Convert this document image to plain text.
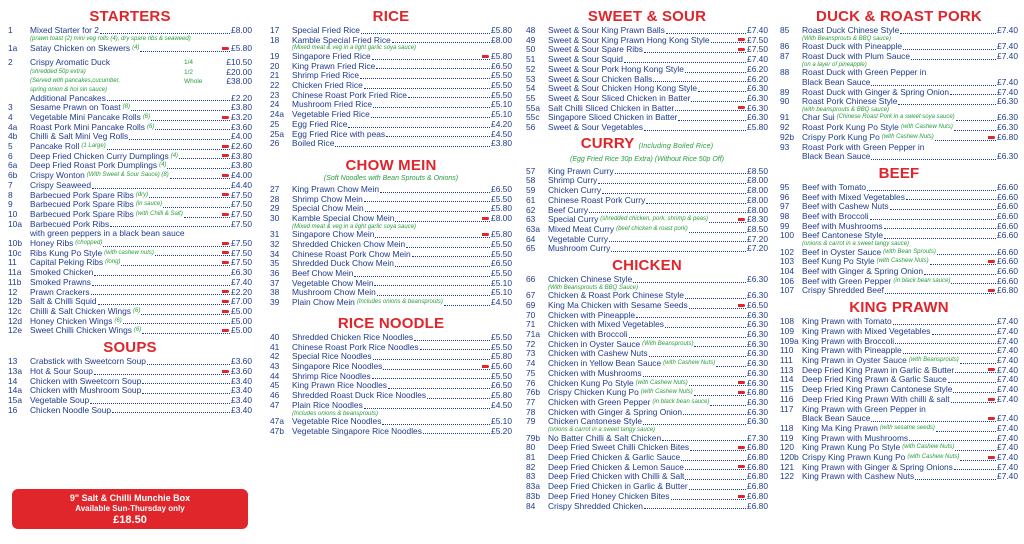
STARTERS
1	Mixed Starter for 2	£8.00
(prawn toast (2) mini veg rolls (4), dry spare ribs & seaweed)
1a	Satay Chicken on Skewers (4)	£5.80
2	Crispy Aromatic Duck	1/4	£10.50
(shredded 50p extra)	1/2	£20.00
(Served with pancakes,cucumber,	Whole	£38.00
spring onion & hoi sin sauce)
Additional Pancakes	£2.20
3	Sesame Prawn on Toast (8)	£3.80
4	Vegetable Mini Pancake Rolls (6)	£3.20
4a	Roast Pork Mini Pancake Rolls (6)	£3.60
4b	Chilli & Salt Mini Veg Rolls	£4.00
5	Pancake Roll (1 Large)	£2.60
6	Deep Fried Chicken Curry Dumplings (4)	£3.80
6a	Deep Fried Roast Pork Dumplings (4)	£3.80
6b	Crispy Wonton (With Sweet & Sour Sauce) (8)	£4.00
7	Crispy Seaweed	£4.40
8	Barbecued Pork Spare Ribs (dry)	£7.50
9	Barbecued Pork Spare Ribs (in sauce)	£7.50
10	Barbecued Pork Spare Ribs (with Chilli & Salt)	£7.50
10a Barbecued Pork Ribs	£7.50
with green peppers in a black bean sauce
10b Honey Ribs (chopped)	£7.50
10c	Ribs Kung Po Style (with cashew nuts)	£7.50
11	Capital Peking Ribs (long)	£7.50
11a	Smoked Chicken	£6.30
11b	Smoked Prawns	£7.40
12	Prawn Crackers	£2.20
12b Salt & Chilli Squid	£7.00
12c	Chilli & Salt Chicken Wings (6)	£5.00
12d Honey Chicken Wings (6)	£5.00
12e Sweet Chilli Chicken Wings (6)	£5.00
SOUPS
13	Crabstick with Sweetcorn Soup	£3.60
13a Hot & Sour Soup	£3.60
14	Chicken with Sweetcorn Soup	£3.40
14a Chicken with Mushroom Soup	£3.40
15a Vegetable Soup	£3.40
16	Chicken Noodle Soup	£3.40
9" Salt & Chilli Munchie Box
Available Sun-Thursday only
£18.50
RICE
17	Special Fried Rice	£5.80
18	Kamble Special Fried Rice	£8.00
(Mixed meat & veg in a light garlic soya sauce)
19	Singapore Fried Rice	£5.80
20	King Prawn Fried Rice	£6.50
21	Shrimp Fried Rice	£5.50
22	Chicken Fried Rice	£5.50
23	Chinese Roast Pork Fried Rice	£5.50
24	Mushroom Fried Rice	£5.10
24a Vegetable Fried Rice	£5.10
25	Egg Fried Rice	£4.20
25a Egg Fried Rice with peas	£4.50
26	Boiled Rice	£3.80
CHOW MEIN
(Soft Noodles with Bean Sprouts & Onions)
27	King Prawn Chow Mein	£6.50
28	Shrimp Chow Mein	£5.50
29	Special Chow Mein	£5.80
30	Kamble Special Chow Mein	£8.00
(Mixed meat & veg in a light garlic soya sauce)
31	Singapore Chow Mein	£5.80
32	Shredded Chicken Chow Mein	£5.50
34	Chinese Roast Pork Chow Mein	£5.50
35	Shredded Duck Chow Mein	£6.50
36	Beef Chow Mein	£5.50
37	Vegetable Chow Mein	£5.10
38	Mushroom Chow Mein	£5.10
39	Plain Chow Mein (Includes onions & beansprouts)	£4.50
RICE NOODLE
40	Shredded Chicken Rice Noodles	£5.50
41	Chinese Roast Pork Rice Noodles	£5.50
42	Special Rice Noodles	£5.80
43	Singapore Rice Noodles	£5.60
44	Shrimp Rice Noodles	£5.50
45	King Prawn Rice Noodles	£6.50
46	Shredded Roast Duck Rice Noodles	£5.80
47	Plain Rice Noodles	£4.50
(Includes onions & beansprouts)
47a Vegetable Rice Noodles	£5.10
47b Vegetable Singapore Rice Noodles	£5.20
SWEET & SOUR
48	Sweet & Sour King Prawn Balls	£7.40
49	Sweet & Sour King Prawn Hong Kong Style	£7.50
50	Sweet & Sour Spare Ribs	£7.50
51	Sweet & Sour Squid	£7.40
52	Sweet & Sour Pork Hong Kong Style	£6.20
53	Sweet & Sour Chicken Balls	£6.20
54	Sweet & Sour Chicken Hong Kong Style	£6.30
55	Sweet & Sour Sliced Chicken in Batter	£6.30
55a Salt Chilli Sliced Chicken in Batter	£6.30
55c	Singapore Sliced Chicken in Batter	£6.30
56	Sweet & Sour Vegetables	£5.80
CURRY (Including Boiled Rice)
(Egg Fried Rice 30p Extra) (Without Rice 50p Off)
57	King Prawn Curry	£8.50
58	Shrimp Curry	£8.00
59	Chicken Curry	£8.00
61	Chinese Roast Pork Curry	£8.00
62	Beef Curry	£8.00
63	Special Curry (shredded chicken, pork, shrimp & peas)	£8.30
63a Mixed Meat Curry (beef chicken & roast pork)	£8.50
64	Vegetable Curry	£7.20
65	Mushroom Curry	£7.20
CHICKEN
66	Chicken Chinese Style	£6.30
(With Beansprouts & BBQ Sauce)
67	Chicken & Roast Pork Chinese Style	£6.30
69	King Ma Chicken with Sesame Seeds	£6.50
70	Chicken with Pineapple	£6.30
71	Chicken with Mixed Vegetables	£6.30
71a Chicken with Broccoli	£6.30
72	Chicken in Oyster Sauce (With Beansprouts)	£6.30
73	Chicken with Cashew Nuts	£6.30
74	Chicken in Yellow Bean Sauce (with Cashew Nuts)	£6.30
75	Chicken with Mushrooms	£6.30
76	Chicken Kung Po Style (with Cashew Nuts)	£6.30
76b Crispy Chicken Kung Po (with Cashew Nuts)	£6.80
77	Chicken with Green Pepper (in black bean sauce)	£6.30
78	Chicken with Ginger & Spring Onion	£6.30
79	Chicken Cantonese Style	£6.30
(onions & carrot in a sweet tangy sauce)
79b No Batter Chilli & Salt Chicken	£7.30
80	Deep Fried Sweet Chilli Chicken Bites	£6.80
81	Deep Fried Chicken & Garlic Sauce	£6.80
82	Deep Fried Chicken & Lemon Sauce	£6.80
83	Deep Fried Chicken with Chilli & Salt	£6.80
83a Deep Fried Chicken in Garlic & Butter	£6.80
83b Deep Fried Honey Chicken Bites	£6.80
84	Crispy Shredded Chicken	£6.80
DUCK & ROAST PORK
85	Roast Duck Chinese Style	£7.40
(With Beansprouts & BBQ sauce)
86	Roast Duck with Pineapple	£7.40
87	Roast Duck with Plum Sauce	£7.40
(on a layer of pineapple)
88	Roast Duck with Green Pepper in
Black Bean Sauce	£7.40
89	Roast Duck with Ginger & Spring Onion	£7.40
90	Roast Pork Chinese Style	£6.30
(with beansprouts & BBQ sauce)
91	Char Sui (Chinese Roast Pork in a sweet soya sauce)	£6.30
92	Roast Pork Kung Po Style (with Cashew Nuts)	£6.30
92b Crispy Pork Kung Po (with Cashew Nuts)	£6.80
93	Roast Pork with Green Pepper in
Black Bean Sauce	£6.30
BEEF
95	Beef with Tomato	£6.60
96	Beef with Mixed Vegetables	£6.60
97	Beef with Cashew Nuts	£6.60
98	Beef with Broccoli	£6.60
99	Beef with Mushrooms	£6.60
100 Beef Cantonese Style	£6.60
(onions & carrot in a sweet tangy sauce)
102 Beef in Oyster Sauce (with Bean Sprouts)	£6.60
103 Beef Kung Po Style (with Cashew Nuts)	£6.60
104 Beef with Ginger & Spring Onion	£6.60
106 Beef with Green Pepper (in black bean sauce)	£6.60
107 Crispy Shredded Beef	£6.80
KING PRAWN
108 King Prawn with Tomato	£7.40
109 King Prawn with Mixed Vegetables	£7.40
109a King Prawn with Broccoli	£7.40
110	King Prawn with Pineapple	£7.40
111	King Prawn in Oyster Sauce (with Beansprouts)	£7.40
113	Deep Fried King Prawn in Garlic & Butter	£7.40
114	Deep Fried King Prawn & Garlic Sauce	£7.40
115	Deep Fried King Prawn Cantonese Style	£7.40
116	Deep Fried King Prawn With chilli & salt	£7.40
117	King Prawn with Green Pepper in
Black Bean Sauce	£7.40
118	King Ma King Prawn (with sesame seeds)	£7.40
119	King Prawn with Mushrooms	£7.40
120 King Prawn Kung Po Style (with Cashew Nuts)	£7.40
120b Crispy King Prawn Kung Po (with Cashew Nuts)	£7.40
121 King Prawn with Ginger & Spring Onions	£7.40
122 King Prawn with Cashew Nuts	£7.40
